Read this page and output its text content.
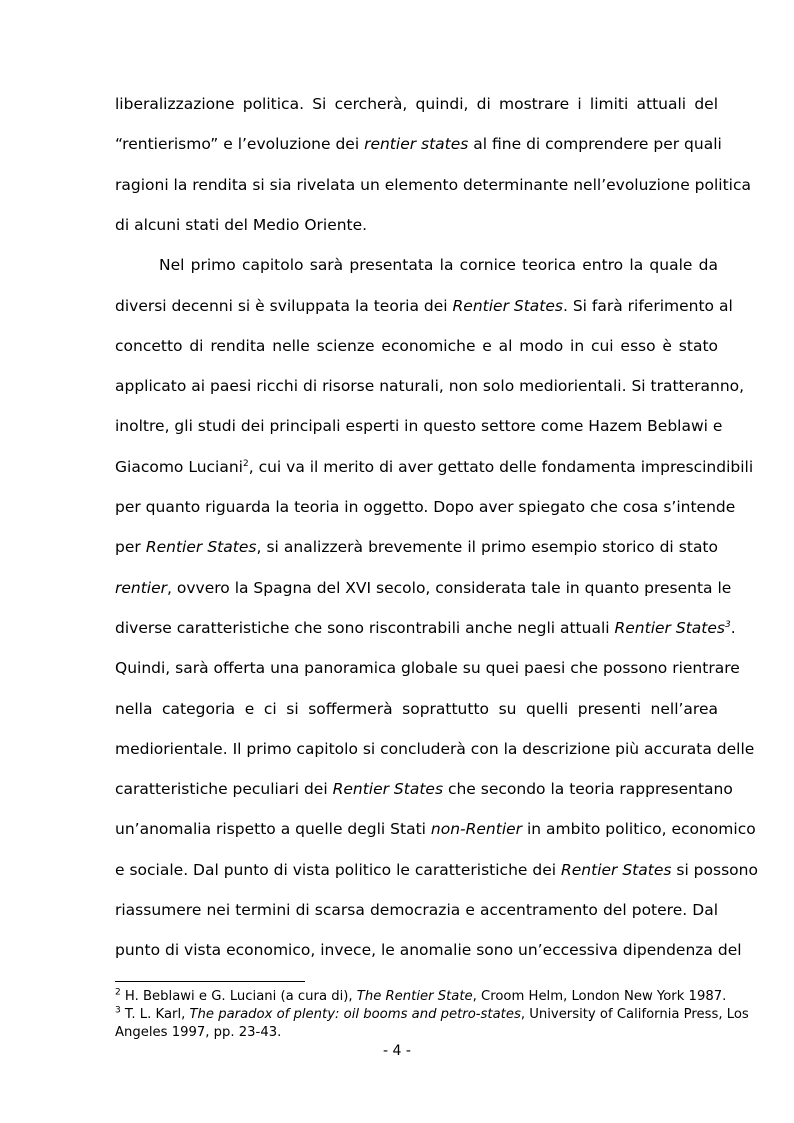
liberalizzazione politica. Si cercherà, quindi, di mostrare i limiti attuali del
“rentierismo” e l’evoluzione dei rentier states al fine di comprendere per quali
ragioni la rendita si sia rivelata un elemento determinante nell’evoluzione politica
di alcuni stati del Medio Oriente.
Nel primo capitolo sarà presentata la cornice teorica entro la quale da
diversi decenni si è sviluppata la teoria dei Rentier States. Si farà riferimento al
concetto di rendita nelle scienze economiche e al modo in cui esso è stato
applicato ai paesi ricchi di risorse naturali, non solo mediorientali. Si tratteranno,
inoltre, gli studi dei principali esperti in questo settore come Hazem Beblawi e
Giacomo Luciani$^2$, cui va il merito di aver gettato delle fondamenta imprescindibili
per quanto riguarda la teoria in oggetto. Dopo aver spiegato che cosa s’intende
per Rentier States, si analizzerà brevemente il primo esempio storico di stato
rentier, ovvero la Spagna del XVI secolo, considerata tale in quanto presenta le
diverse caratteristiche che sono riscontrabili anche negli attuali Rentier States$^3$.
Quindi, sarà offerta una panoramica globale su quei paesi che possono rientrare
nella categoria e ci si soffermerà soprattutto su quelli presenti nell’area
mediorientale. Il primo capitolo si concluderà con la descrizione più accurata delle
caratteristiche peculiari dei Rentier States che secondo la teoria rappresentano
un’anomalia rispetto a quelle degli Stati non-Rentier in ambito politico, economico
e sociale. Dal punto di vista politico le caratteristiche dei Rentier States si possono
riassumere nei termini di scarsa democrazia e accentramento del potere. Dal
punto di vista economico, invece, le anomalie sono un’eccessiva dipendenza del
$^2$ H. Beblawi e G. Luciani (a cura di), The Rentier State, Croom Helm, London New York 1987.
$^3$ T. L. Karl, The paradox of plenty: oil booms and petro-states, University of California Press, Los
Angeles 1997, pp. 23-43.
- 4 -
